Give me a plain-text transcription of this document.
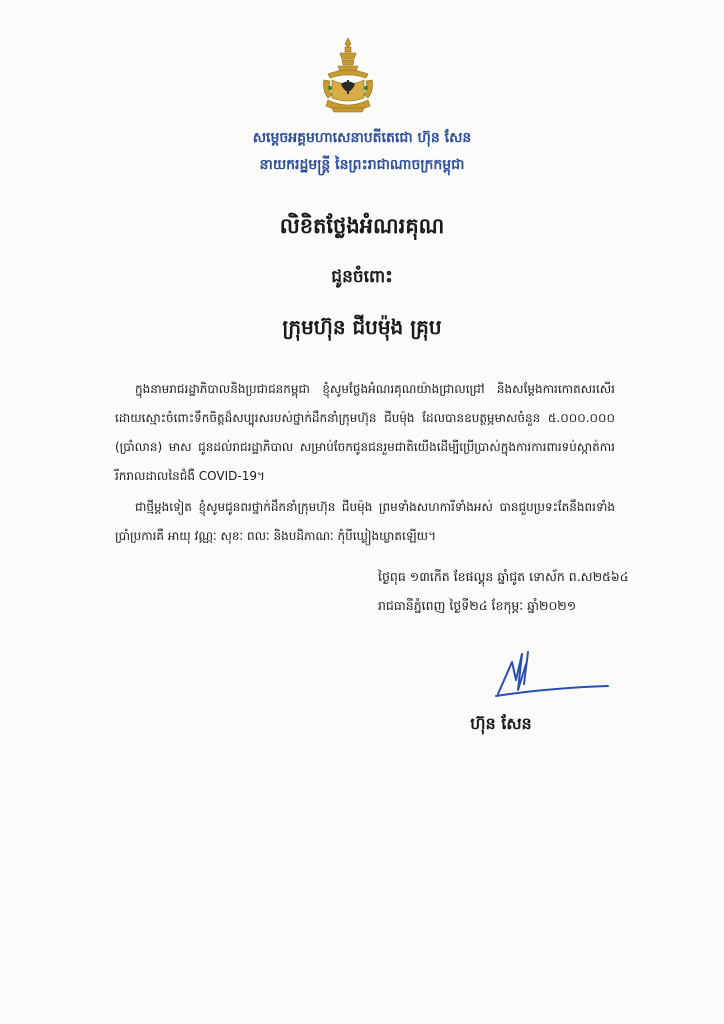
សម្ដេចអគ្គមហាសេនាបតីតេជោ ហ៊ុន សែន
នាយករដ្ឋមន្ត្រី នៃព្រះរាជាណាចក្រកម្ពុជា
លិខិតថ្លែងអំណរគុណ
ជូនចំពោះ
ក្រុមហ៊ុន ជីបម៉ុង គ្រុប
ក្នុងនាមរាជរដ្ឋាភិបាលនិងប្រជាជនកម្ពុជា ខ្ញុំសូមថ្លែងអំណរគុណយ៉ាងជ្រាលជ្រៅ និងសម្ដែងការកោតសរសើរដោយស្មោះចំពោះទឹកចិត្តដ៏សប្បុរសរបស់ថ្នាក់ដឹកនាំក្រុមហ៊ុន ជីបម៉ុង ដែលបានឧបត្ថម្ភមាសចំនួន ៥.០០០.០០០ (ប្រាំលាន) មាស ជូនដល់រាជរដ្ឋាភិបាល សម្រាប់ចែកជូនជនរួមជាតិយើងដើម្បីប្រើប្រាស់ក្នុងការការពារទប់ស្កាត់ការរីករាលដាលនៃជំងឺ COVID-19។
ជាថ្មីម្ដងទៀត ខ្ញុំសូមជូនពរថ្នាក់ដឹកនាំក្រុមហ៊ុន ជីបម៉ុង ព្រមទាំងសហការីទាំងអស់ បានជួបប្រទះតែនឹងពរទាំងប្រាំប្រការគឺ អាយុ វណ្ណៈ សុខៈ ពលៈ និងបដិភាណៈ កុំបីឃ្លៀងឃ្លាតឡើយ។
ថ្ងៃពុធ ១៣កើត ខែផល្គុន ឆ្នាំជូត ទោស័ក ព.ស២៥៦៤
រាជធានីភ្នំពេញ ថ្ងៃទី២៤ ខែកុម្ភៈ ឆ្នាំ២០២១
ហ៊ុន សែន
